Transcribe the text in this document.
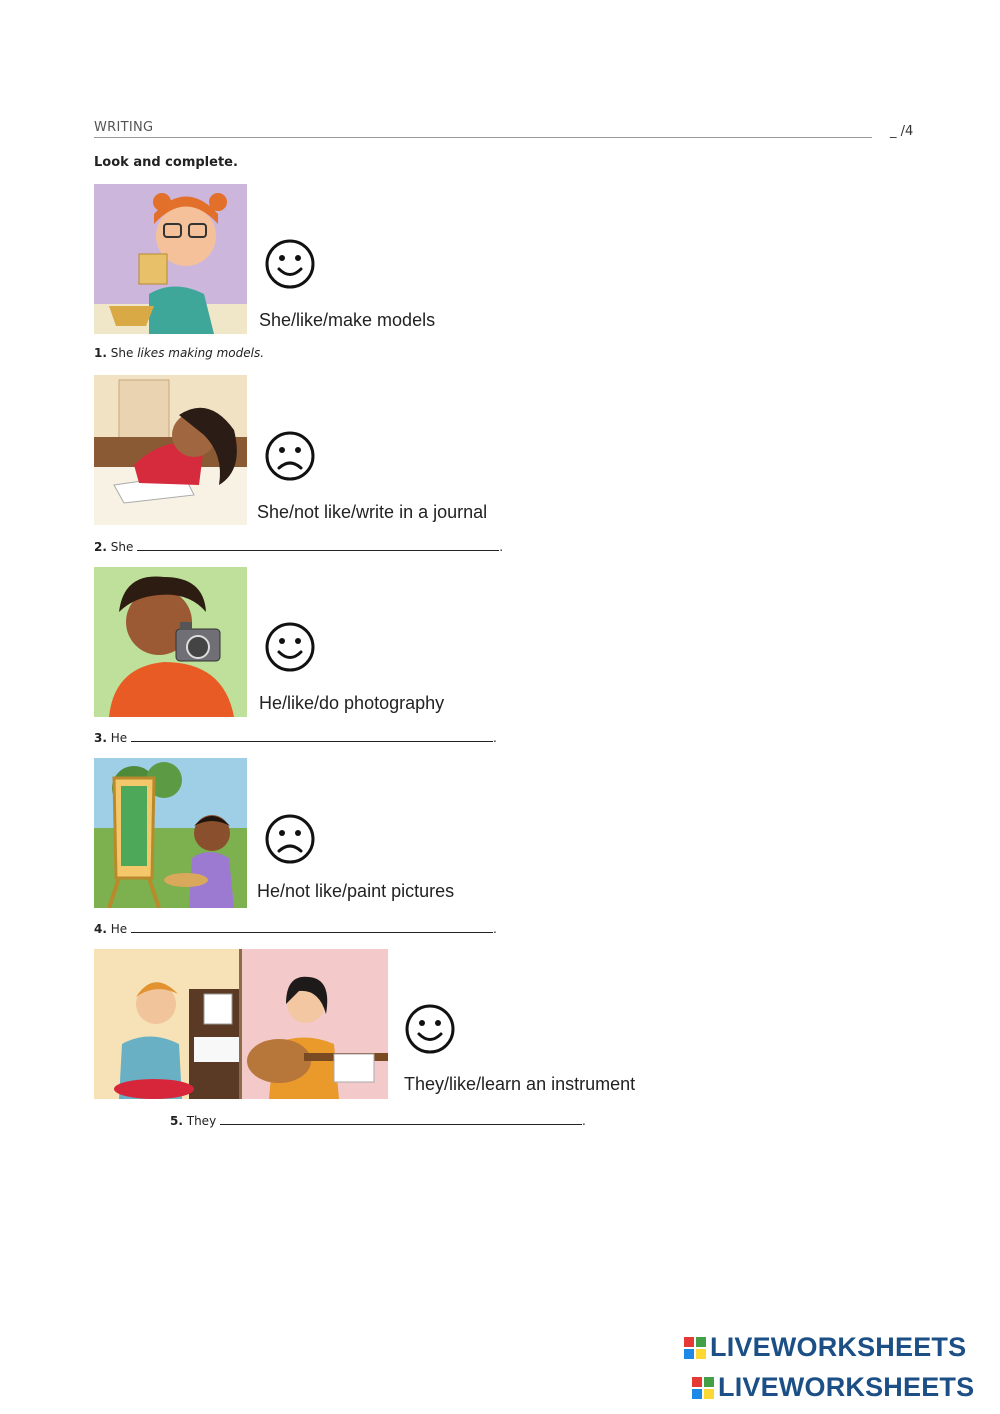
WRITING	_ /4
Look and complete.
She/like/make models
1. She likes making models.
She/not like/write in a journal
2. She	.
He/like/do photography
3. He	.
He/not like/paint pictures
4. He	.
They/like/learn an instrument
5. They	.
LIVEWORKSHEETS
LIVEWORKSHEETS
